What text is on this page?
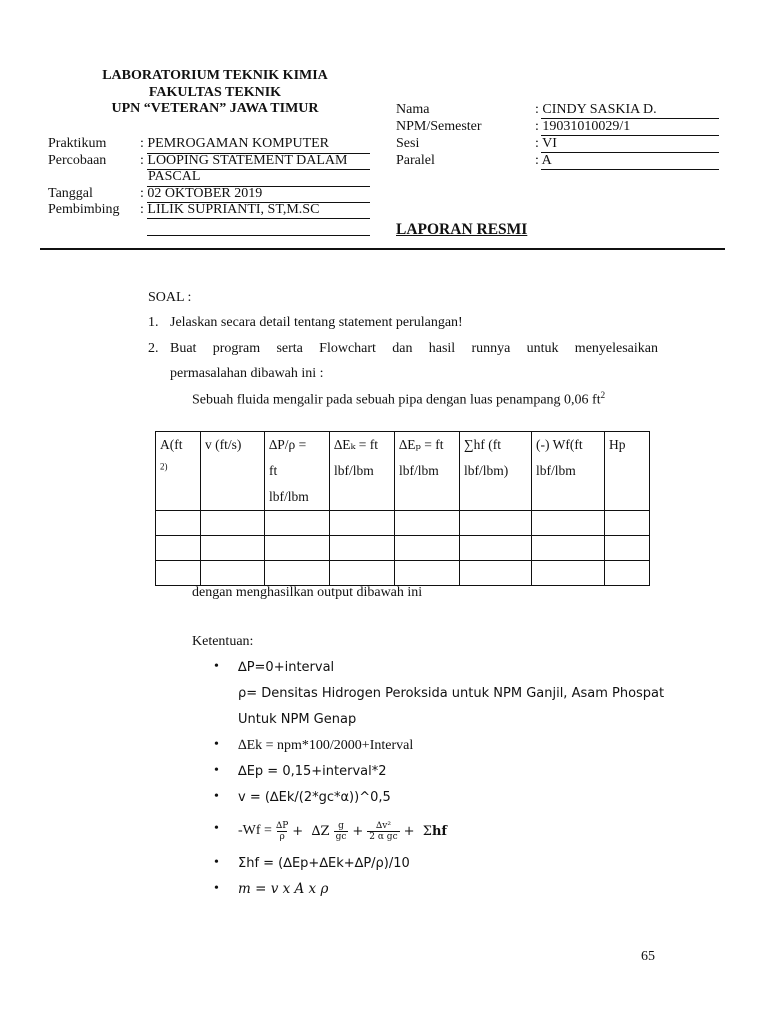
LABORATORIUM TEKNIK KIMIA
FAKULTAS TEKNIK
UPN “VETERAN” JAWA TIMUR
Praktikum : PEMROGAMAN KOMPUTER
Percobaan : LOOPING STATEMENT DALAM
PASCAL
Tanggal	: 02 OKTOBER 2019
Pembimbing : LILIK SUPRIANTI, ST,M.SC
Nama	: CINDY SASKIA D.
NPM/Semester	: 19031010029/1
Sesi	: VI
Paralel	: A
LAPORAN RESMI
SOAL :
1. Jelaskan secara detail tentang statement perulangan!
2. Buat program serta Flowchart dan hasil runnya untuk menyelesaikan
permasalahan dibawah ini :
Sebuah fluida mengalir pada sebuah pipa dengan luas penampang 0,06 $ft^2$
A(ft
$^{2)}$	v (ft/s)	∆P/ρ =
ft
lbf/lbm	∆Eₖ = ft
lbf/lbm	∆Eₚ = ft
lbf/lbm	∑hf (ft
lbf/lbm)	(-) Wf(ft
lbf/lbm	Hp

dengan menghasilkan output dibawah ini
Ketentuan:
• ∆P=0+interval
ρ= Densitas Hidrogen Peroksida untuk NPM Ganjil, Asam Phospat
Untuk NPM Genap
• ∆Ek = npm*100/2000+Interval
• ∆Ep = 0,15+interval*2
• v = (∆Ek/(2*gc*α))^0,5
• $-Wf = \frac{\Delta P}{\rho} + \Delta Z$ g
gc + $\frac{\text{∆v²}}{\text{2 α gc}} + \Sigma hf$
• Σhf = (∆Ep+∆Ek+∆P/ρ)/10
• m = v x A x ρ
65
